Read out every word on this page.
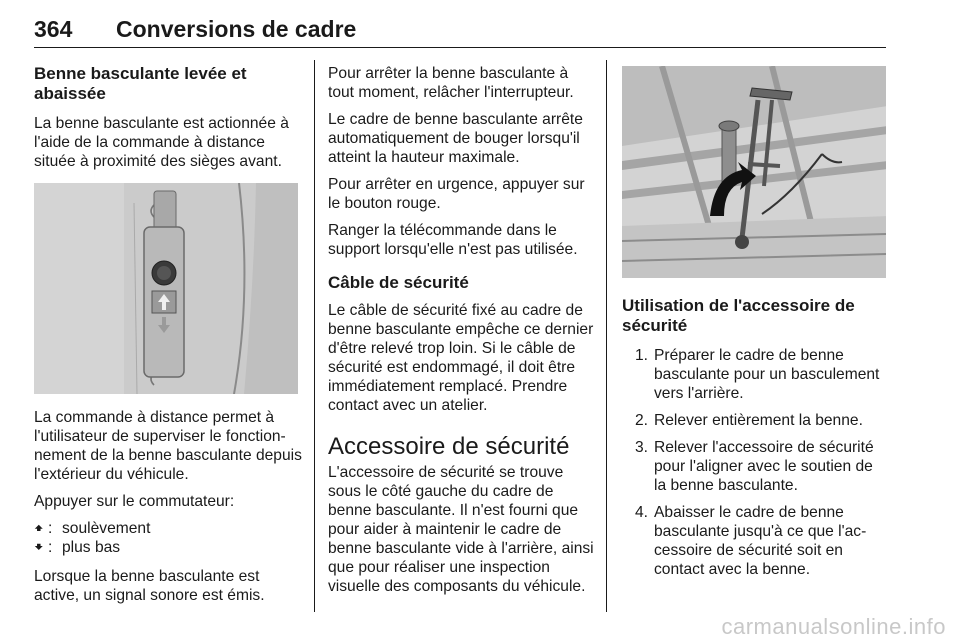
364 Conversions de cadre
Benne basculante levée et abaissée

La benne basculante est actionnée à l'aide de la commande à distance située à proximité des sièges avant.

La commande à distance permet à l'utilisateur de superviser le fonctionnement de la benne basculante depuis l'extérieur du véhicule.

Appuyer sur le commutateur:

🠹 : soulèvement
🠻 : plus bas

Lorsque la benne basculante est active, un signal sonore est émis.

Pour arrêter la benne basculante à tout moment, relâcher l'interrupteur.

Le cadre de benne basculante arrête automatiquement de bouger lorsqu'il atteint la hauteur maximale.

Pour arrêter en urgence, appuyer sur le bouton rouge.

Ranger la télécommande dans le support lorsqu'elle n'est pas utilisée.

Câble de sécurité

Le câble de sécurité fixé au cadre de benne basculante empêche ce dernier d'être relevé trop loin. Si le câble de sécurité est endommagé, il doit être immédiatement remplacé. Prendre contact avec un atelier.

Accessoire de sécurité

L'accessoire de sécurité se trouve sous le côté gauche du cadre de benne basculante. Il n'est fourni que pour aider à maintenir le cadre de benne basculante vide à l'arrière, ainsi que pour réaliser une inspection visuelle des composants du véhicule.

Utilisation de l'accessoire de sécurité
1. Préparer le cadre de benne basculante pour un basculement vers l'arrière.
2. Relever entièrement la benne.
3. Relever l'accessoire de sécurité pour l'aligner avec le soutien de la benne basculante.
4. Abaisser le cadre de benne basculante jusqu'à ce que l'accessoire de sécurité soit en contact avec la benne.
carmanualsonline.info
